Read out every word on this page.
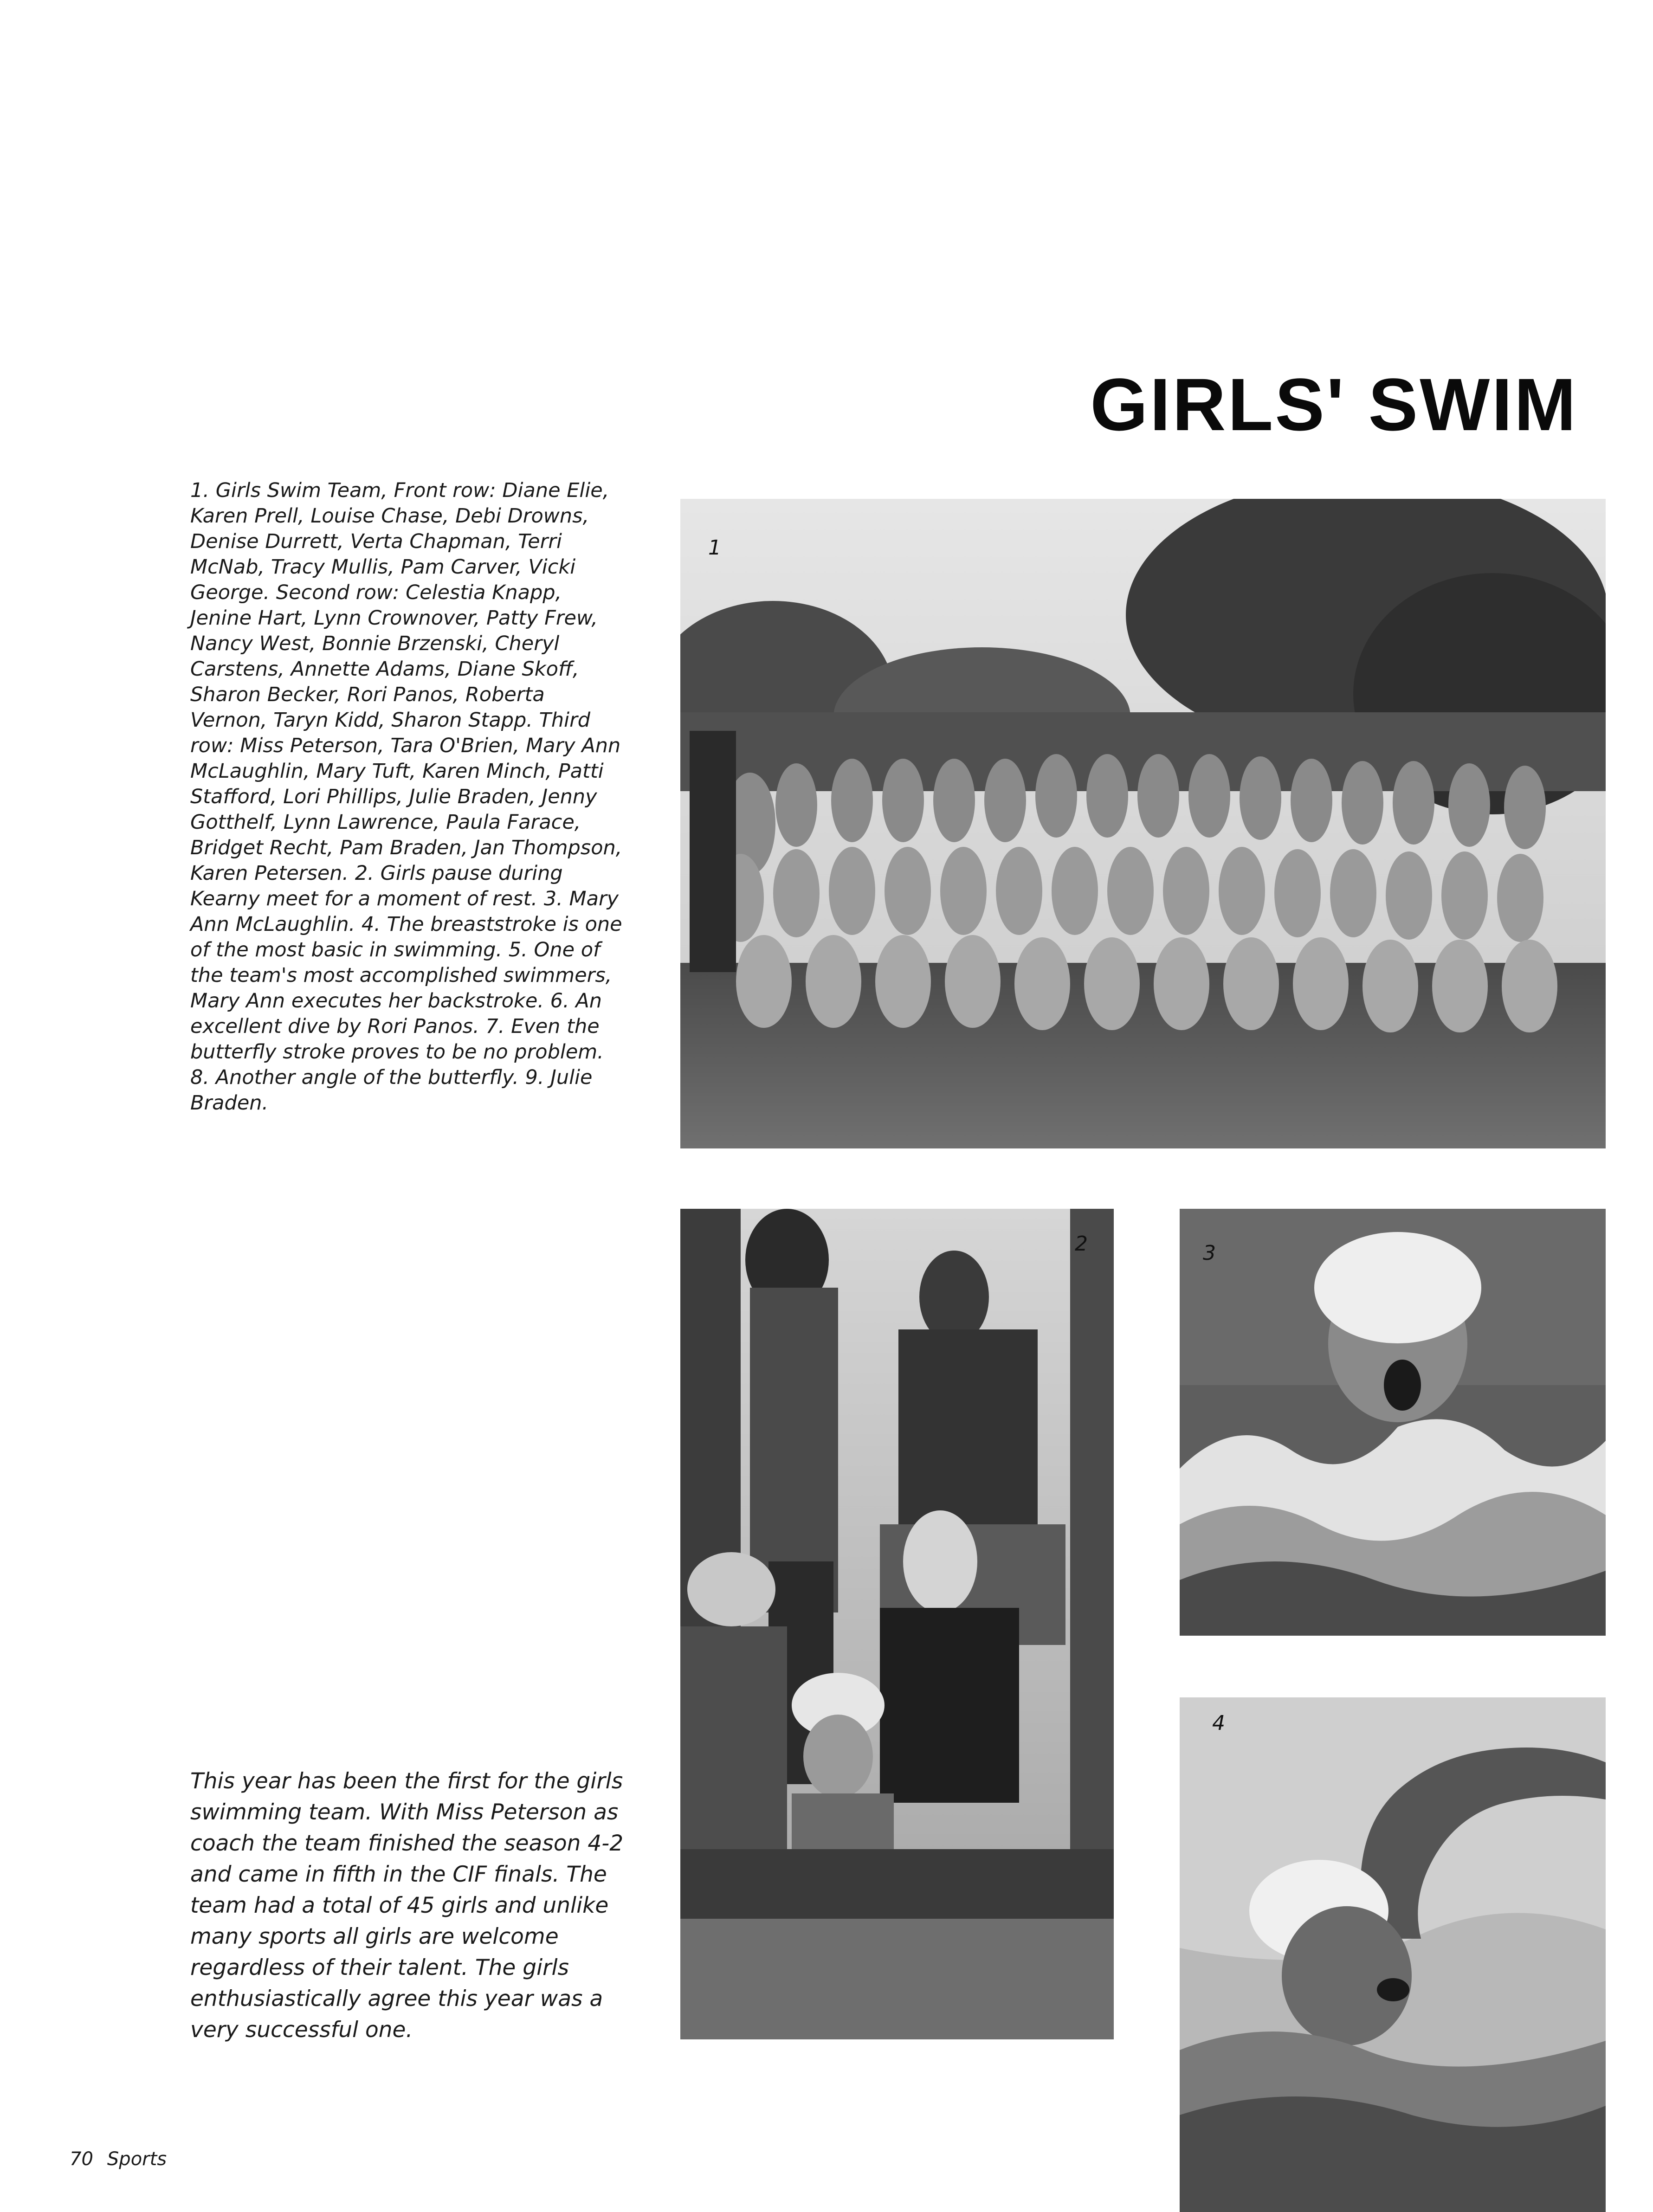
GIRLS' SWIM
1. Girls Swim Team, Front row: Diane Elie, Karen Prell, Louise Chase, Debi Drowns, Denise Durrett, Verta Chapman, Terri McNab, Tracy Mullis, Pam Carver, Vicki George. Second row: Celestia Knapp, Jenine Hart, Lynn Crownover, Patty Frew, Nancy West, Bonnie Brzenski, Cheryl Carstens, Annette Adams, Diane Skoff, Sharon Becker, Rori Panos, Roberta Vernon, Taryn Kidd, Sharon Stapp. Third row: Miss Peterson, Tara O'Brien, Mary Ann McLaughlin, Mary Tuft, Karen Minch, Patti Stafford, Lori Phillips, Julie Braden, Jenny Gotthelf, Lynn Lawrence, Paula Farace, Bridget Recht, Pam Braden, Jan Thompson, Karen Petersen. 2. Girls pause during Kearny meet for a moment of rest. 3. Mary Ann McLaughlin. 4. The breaststroke is one of the most basic in swimming. 5. One of the team's most accomplished swimmers, Mary Ann executes her backstroke. 6. An excellent dive by Rori Panos. 7. Even the butterfly stroke proves to be no problem. 8. Another angle of the butterfly. 9. Julie Braden.
1
2	3
4
This year has been the first for the girls swimming team. With Miss Peterson as coach the team finished the season 4-2 and came in fifth in the CIF finals. The team had a total of 45 girls and unlike many sports all girls are welcome regardless of their talent. The girls enthusiastically agree this year was a very successful one.
70 Sports
